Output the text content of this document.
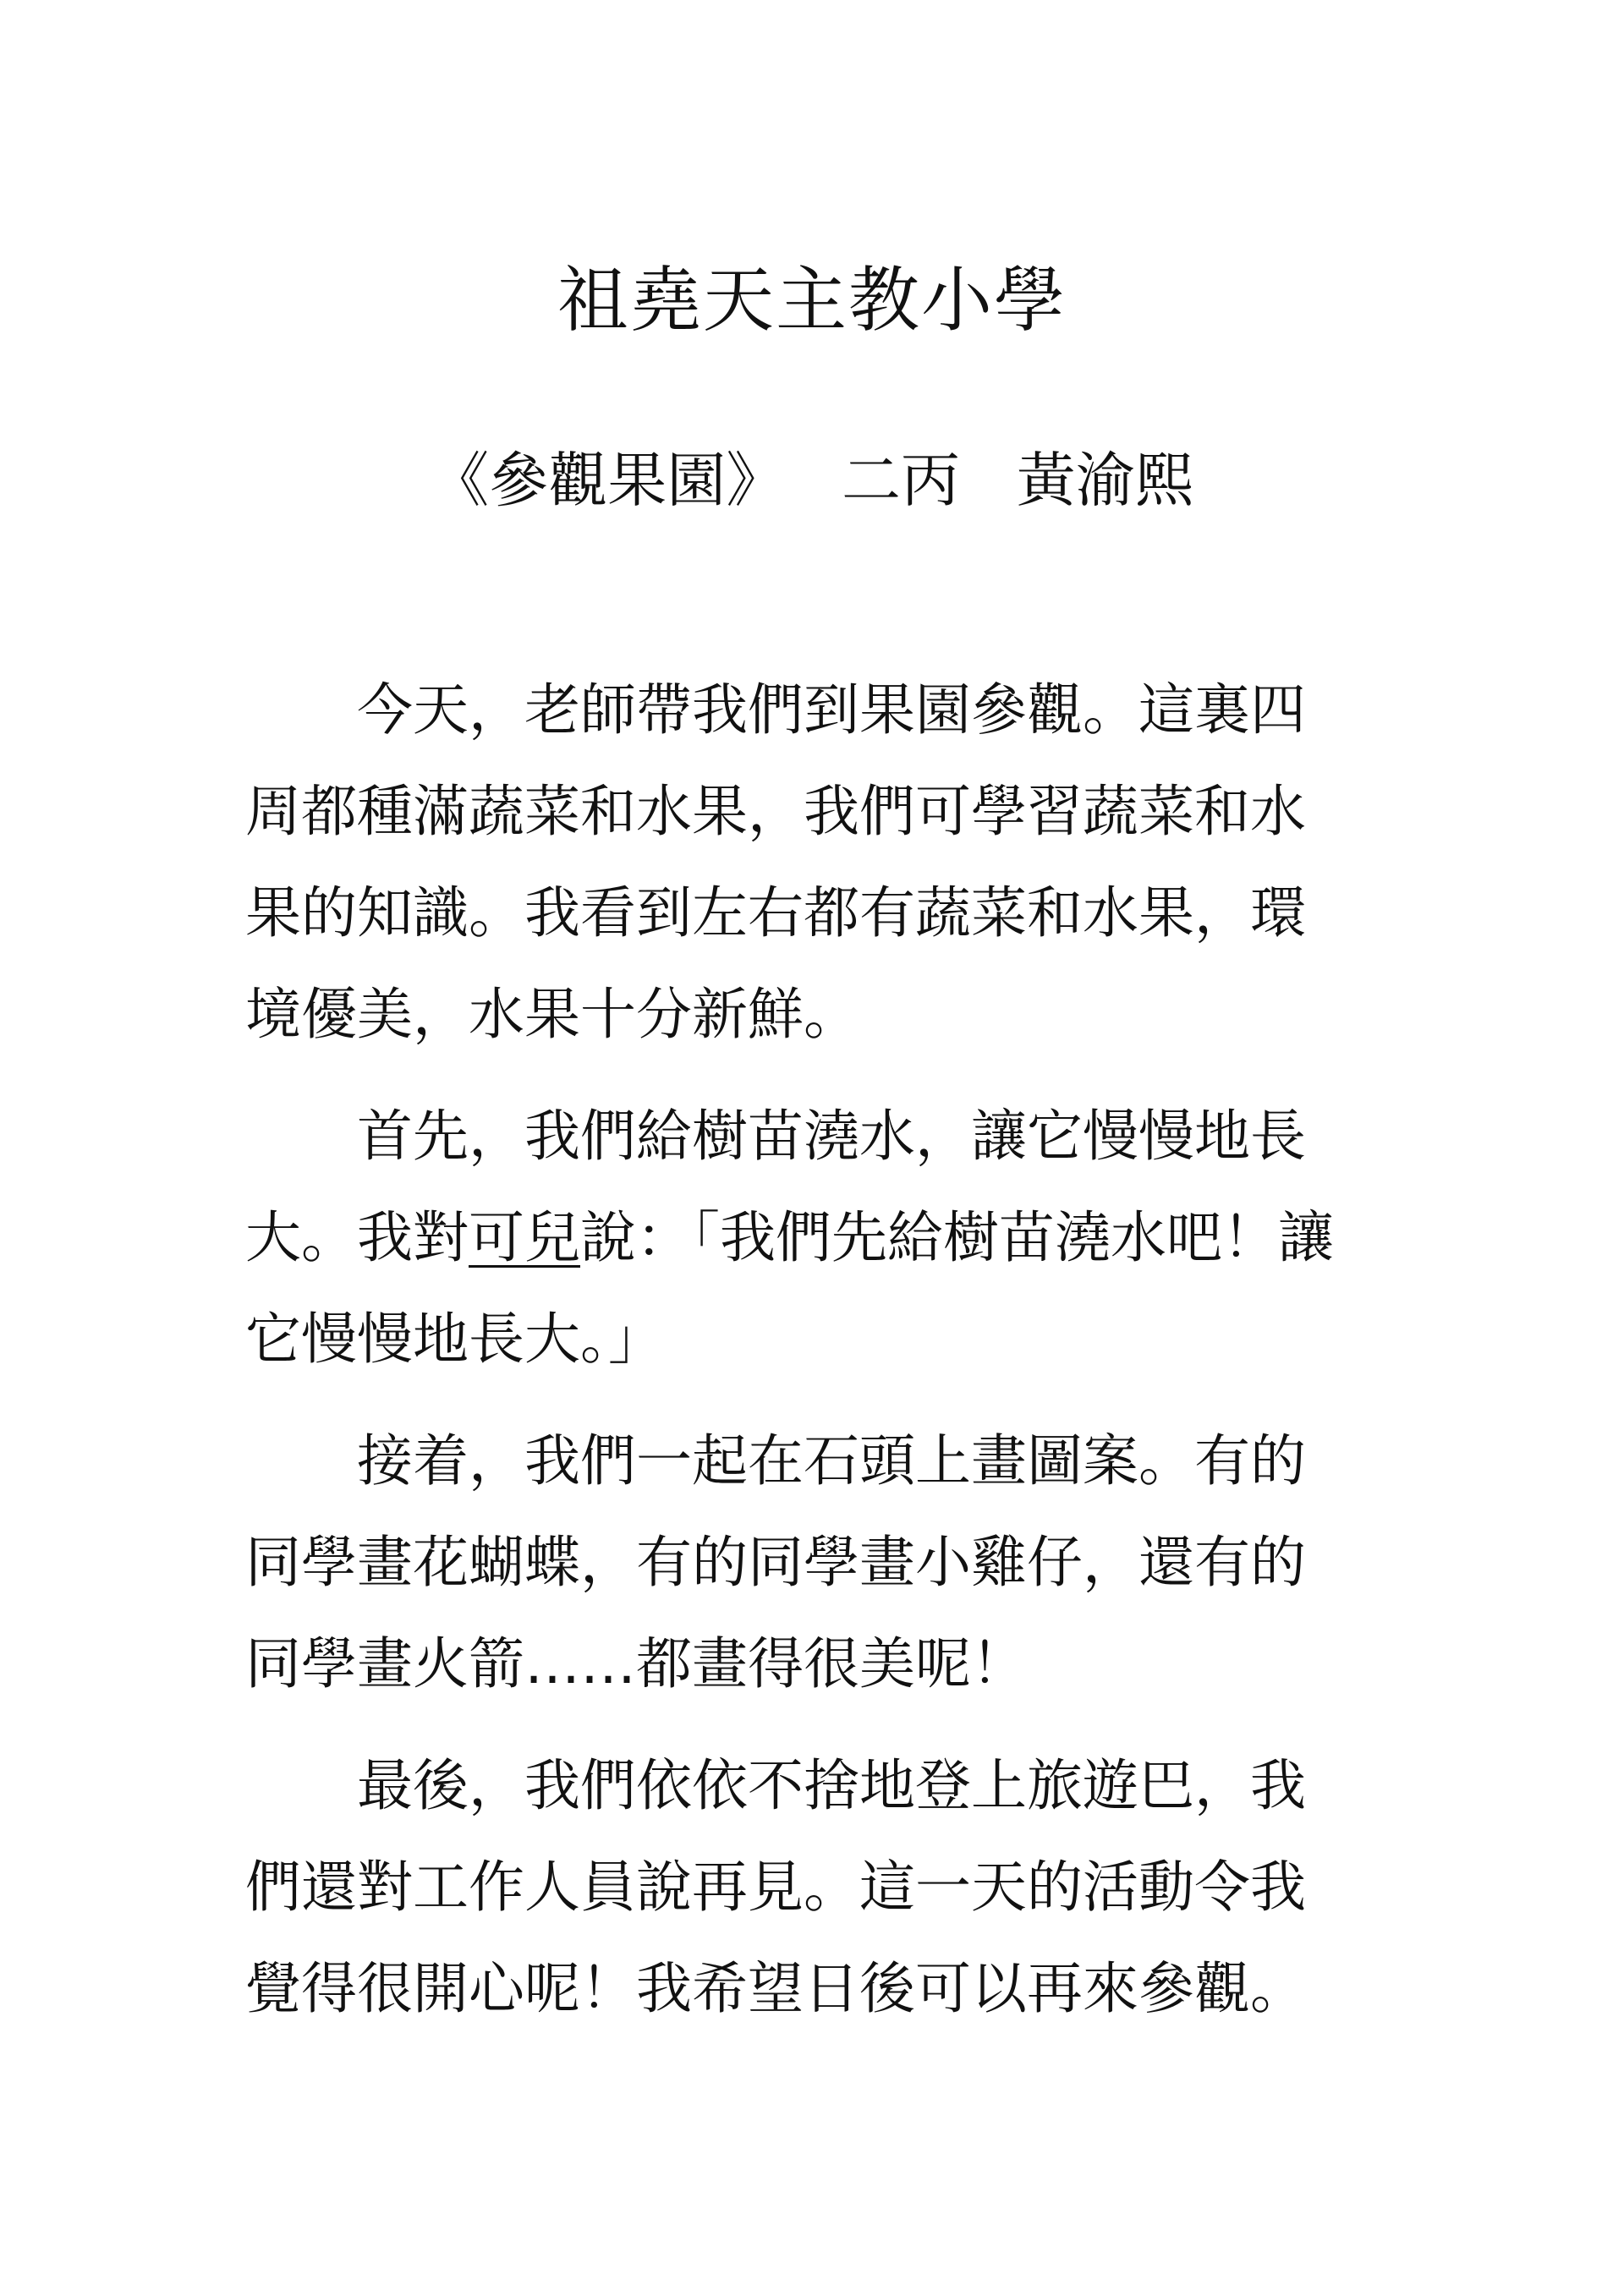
祖堯天主教小學
《參觀果園》 二丙 黃渝熙

今天，老師帶我們到果園參觀。這裏四周都種滿蔬菜和水果，我們可學習蔬菜和水果的知識。我看到左右都有蔬菜和水果，環境優美，水果十分新鮮。

首先，我們給樹苗澆水，讓它慢慢地長大。我對可兒說：「我們先給樹苗澆水吧！讓它慢慢地長大。」

接着，我們一起在石頭上畫圖案。有的同學畫花蝴蝶，有的同學畫小雞仔，還有的同學畫火箭……都畫得很美呢！

最後，我們依依不捨地登上旅遊巴，我們還對工作人員說再見。這一天的活動令我覺得很開心呢！我希望日後可以再來參觀。
